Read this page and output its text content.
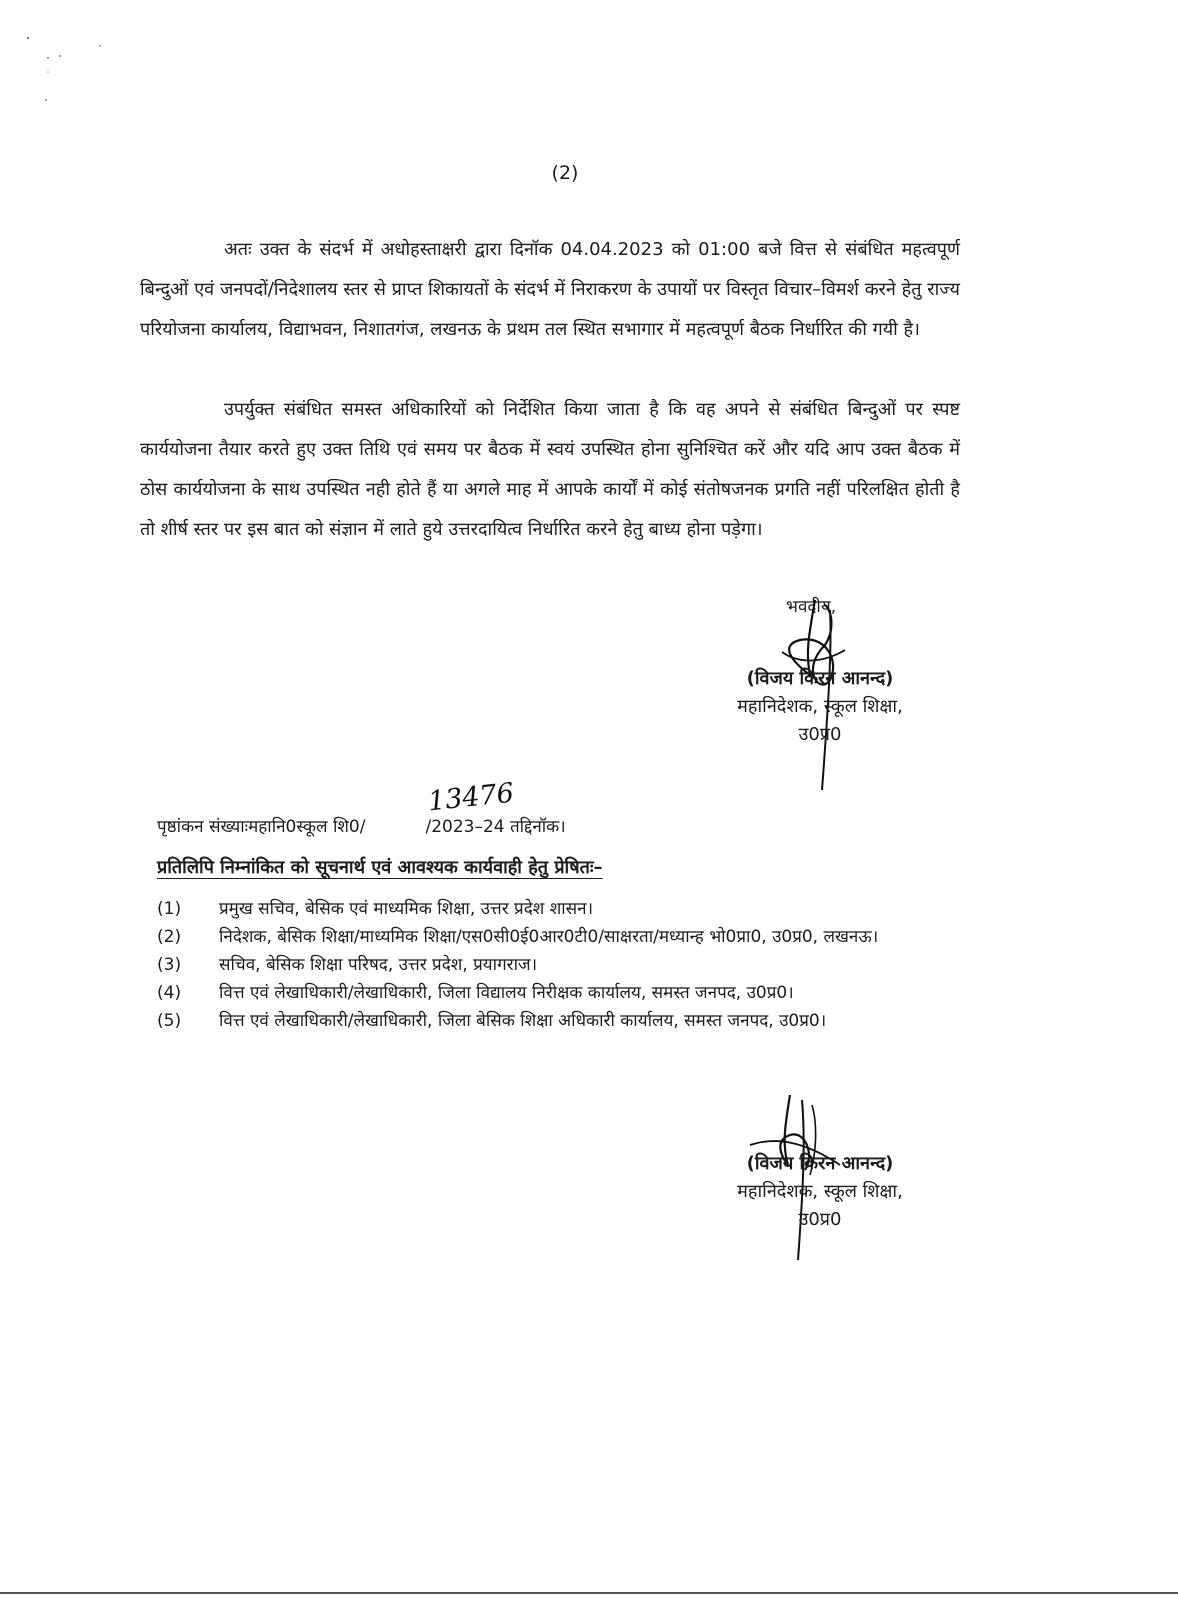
(2)

अतः उक्त के संदर्भ में अधोहस्ताक्षरी द्वारा दिनॉक 04.04.2023 को 01:00 बजे वित्त से संबंधित महत्वपूर्ण बिन्दुओं एवं जनपदों/निदेशालय स्तर से प्राप्त शिकायतों के संदर्भ में निराकरण के उपायों पर विस्तृत विचार–विमर्श करने हेतु राज्य परियोजना कार्यालय, विद्याभवन, निशातगंज, लखनऊ के प्रथम तल स्थित सभागार में महत्वपूर्ण बैठक निर्धारित की गयी है।

उपर्युक्त संबंधित समस्त अधिकारियों को निर्देशित किया जाता है कि वह अपने से संबंधित बिन्दुओं पर स्पष्ट कार्ययोजना तैयार करते हुए उक्त तिथि एवं समय पर बैठक में स्वयं उपस्थित होना सुनिश्चित करें और यदि आप उक्त बैठक में ठोस कार्ययोजना के साथ उपस्थित नही होते हैं या अगले माह में आपके कार्यों में कोई संतोषजनक प्रगति नहीं परिलक्षित होती है तो शीर्ष स्तर पर इस बात को संज्ञान में लाते हुये उत्तरदायित्व निर्धारित करने हेतु बाध्य होना पड़ेगा।

भवदीय,
(विजय किरन आनन्द)
महानिदेशक, स्कूल शिक्षा,
उ0प्र0
पृष्ठांकन संख्याःमहानि0स्कूल शि0/	/2023–24 तद्दिनॉक।
13476
प्रतिलिपि निम्नांकित को सूचनार्थ एवं आवश्यक कार्यवाही हेतु प्रेषितः–
(1)	प्रमुख सचिव, बेसिक एवं माध्यमिक शिक्षा, उत्तर प्रदेश शासन।
(2)	निदेशक, बेसिक शिक्षा/माध्यमिक शिक्षा/एस0सी0ई0आर0टी0/साक्षरता/मध्यान्ह भो0प्रा0, उ0प्र0, लखनऊ।
(3)	सचिव, बेसिक शिक्षा परिषद, उत्तर प्रदेश, प्रयागराज।
(4)	वित्त एवं लेखाधिकारी/लेखाधिकारी, जिला विद्यालय निरीक्षक कार्यालय, समस्त जनपद, उ0प्र0।
(5)	वित्त एवं लेखाधिकारी/लेखाधिकारी, जिला बेसिक शिक्षा अधिकारी कार्यालय, समस्त जनपद, उ0प्र0।
(विजय किरन आनन्द)
महानिदेशक, स्कूल शिक्षा,
उ0प्र0
